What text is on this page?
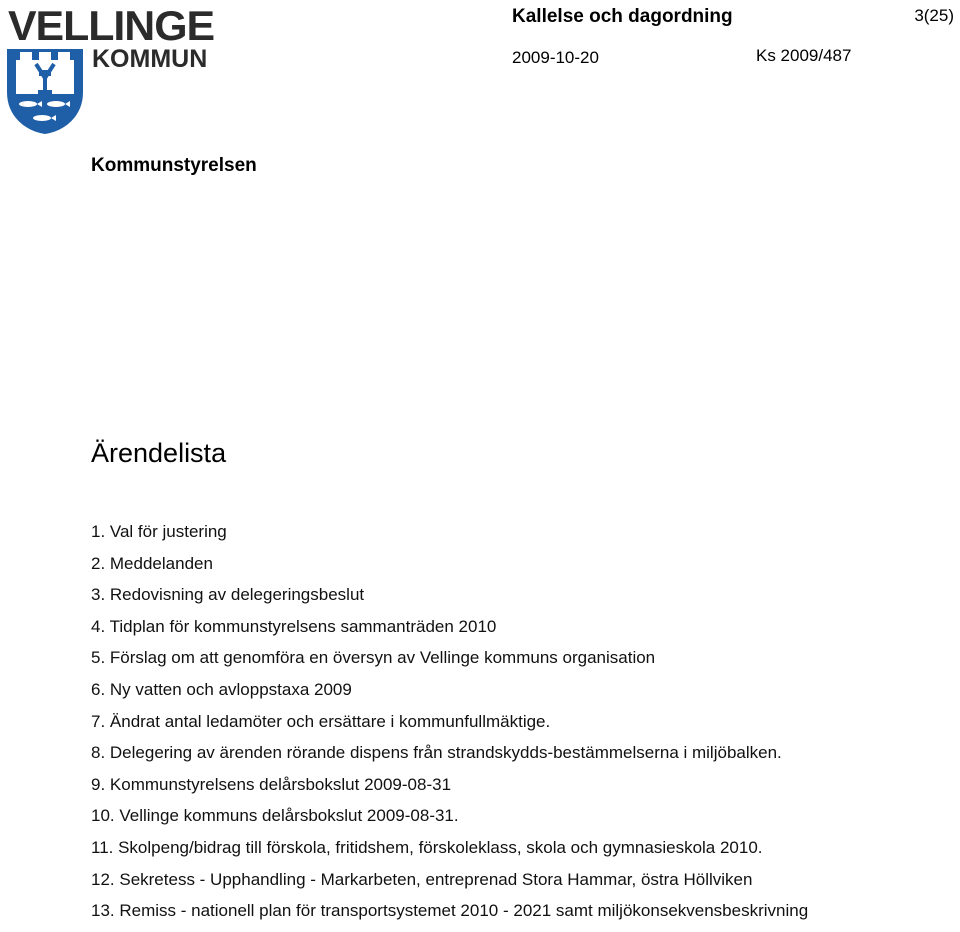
VELLINGE
KOMMUN
Kallelse och dagordning	3(25)
2009-10-20	Ks 2009/487
Kommunstyrelsen
Ärendelista
1. Val för justering
2. Meddelanden
3. Redovisning av delegeringsbeslut
4. Tidplan för kommunstyrelsens sammanträden 2010
5. Förslag om att genomföra en översyn av Vellinge kommuns organisation
6. Ny vatten och avloppstaxa 2009
7. Ändrat antal ledamöter och ersättare i kommunfullmäktige.
8. Delegering av ärenden rörande dispens från strandskydds-bestämmelserna i miljöbalken.
9. Kommunstyrelsens delårsbokslut 2009-08-31
10. Vellinge kommuns delårsbokslut 2009-08-31.
11. Skolpeng/bidrag till förskola, fritidshem, förskoleklass, skola och gymnasieskola 2010.
12. Sekretess - Upphandling - Markarbeten, entreprenad Stora Hammar, östra Höllviken
13. Remiss - nationell plan för transportsystemet 2010 - 2021 samt miljökonsekvensbeskrivning
